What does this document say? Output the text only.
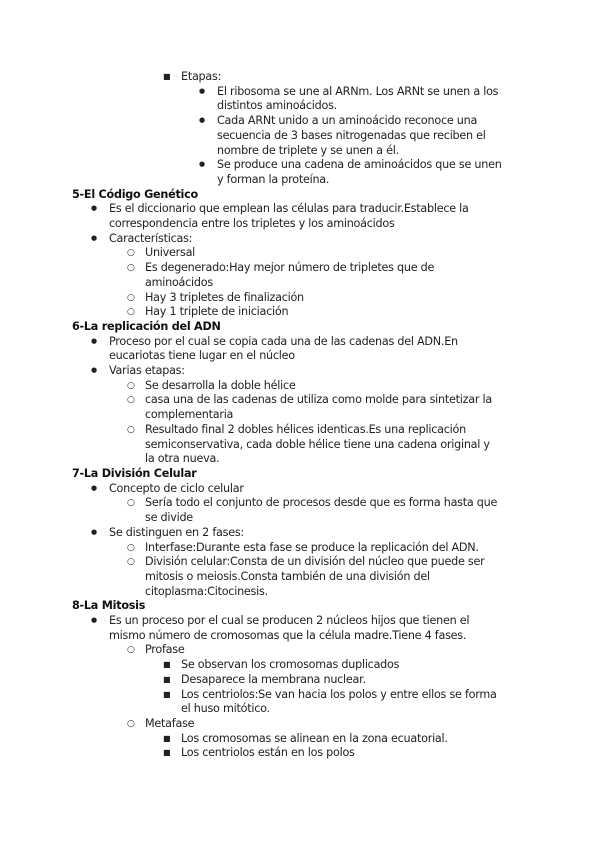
■
Etapas:
●
El ribosoma se une al ARNm. Los ARNt se unen a los
distintos aminoácidos.
●
Cada ARNt unido a un aminoácido reconoce una
secuencia de 3 bases nitrogenadas que reciben el
nombre de triplete y se unen a él.
●
Se produce una cadena de aminoácidos que se unen
y forman la proteína.
5-El Código Genético
●
Es el diccionario que emplean las células para traducir.Establece la
correspondencia entre los tripletes y los aminoácidos
●
Características:
○
Universal
○
Es degenerado:Hay mejor número de tripletes que de
aminoácidos
○
Hay 3 tripletes de finalización
○
Hay 1 triplete de iniciación
6-La replicación del ADN
●
Proceso por el cual se copia cada una de las cadenas del ADN.En
eucariotas tiene lugar en el núcleo
●
Varias etapas:
○
Se desarrolla la doble hélice
○
casa una de las cadenas de utiliza como molde para sintetizar la
complementaria
○
Resultado final 2 dobles hélices identicas.Es una replicación
semiconservativa, cada doble hélice tiene una cadena original y
la otra nueva.
7-La División Celular
●
Concepto de ciclo celular
○
Sería todo el conjunto de procesos desde que es forma hasta que
se divide
●
Se distinguen en 2 fases:
○
Interfase:Durante esta fase se produce la replicación del ADN.
○
División celular:Consta de un división del núcleo que puede ser
mitosis o meiosis.Consta también de una división del
citoplasma:Citocinesis.
8-La Mitosis
●
Es un proceso por el cual se producen 2 núcleos hijos que tienen el
mismo número de cromosomas que la célula madre.Tiene 4 fases.
○
Profase
■
Se observan los cromosomas duplicados
■
Desaparece la membrana nuclear.
■
Los centriolos:Se van hacia los polos y entre ellos se forma
el huso mitótico.
○
Metafase
■
Los cromosomas se alinean en la zona ecuatorial.
■
Los centriolos están en los polos
